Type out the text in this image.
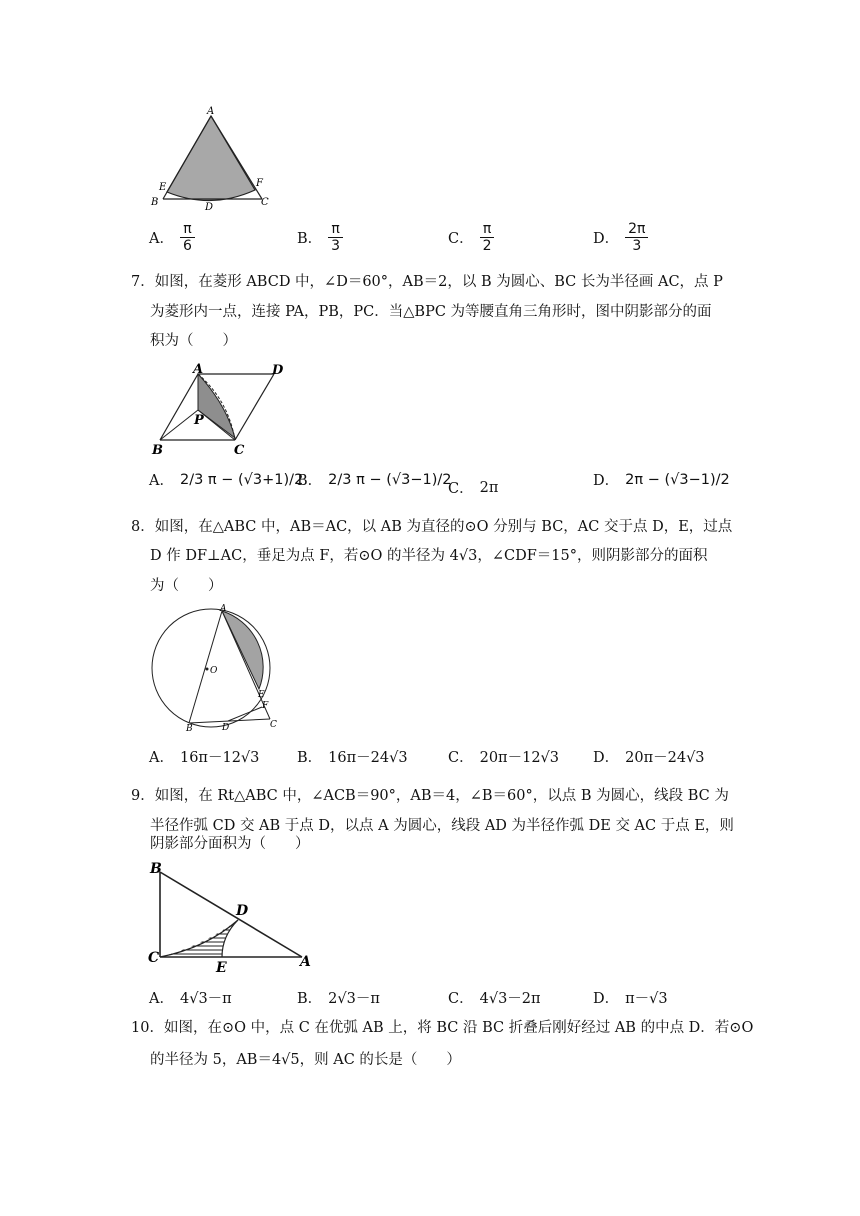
A
E	F
B	D	C
A． $\frac{\pi}{6}$	B． $\frac{\pi}{3}$	C． $\frac{\pi}{2}$	D． $\frac{2\pi}{3}$
7．如图，在菱形 ABCD 中，∠D＝60°，AB＝2，以 B 为圆心、BC 长为半径画 AC，点 P
为菱形内一点，连接 PA，PB，PC．当△BPC 为等腰直角三角形时，图中阴影部分的面
积为（　　）
A	D
P
B	C
A． 2/3 π − (√3+1)/2
B． 2/3 π − (√3−1)/2
C． 2π	D． 2π − (√3−1)/2
8．如图，在△ABC 中，AB＝AC，以 AB 为直径的⊙O 分别与 BC，AC 交于点 D，E，过点
D 作 DF⊥AC，垂足为点 F，若⊙O 的半径为 4√3，∠CDF＝15°，则阴影部分的面积
为（　　）
A
O
E
F
B	D	C
A． 16π－12√3	B． 16π－24√3	C． 20π－12√3 D． 20π－24√3
9．如图，在 Rt△ABC 中，∠ACB＝90°，AB＝4，∠B＝60°，以点 B 为圆心，线段 BC 为
半径作弧 CD 交 AB 于点 D，以点 A 为圆心，线段 AD 为半径作弧 DE 交 AC 于点 E，则
阴影部分面积为（　　）
B
D
C
E	A
A． 4√3－π	B． 2√3－π	C． 4√3－2π	D． π－√3
10．如图，在⊙O 中，点 C 在优弧 AB 上，将 BC 沿 BC 折叠后刚好经过 AB 的中点 D．若⊙O
的半径为 5，AB＝4√5，则 AC 的长是（　　）
